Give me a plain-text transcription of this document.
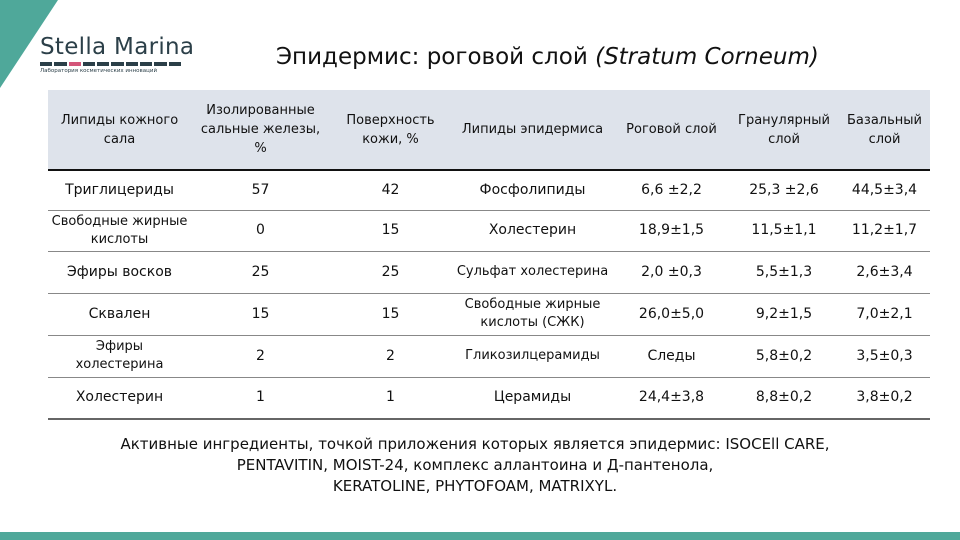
Stella Marina
Лаборатория косметических инноваций
Эпидермис: роговой слой (Stratum Corneum)
Липиды кожного сала	Изолированные сальные железы, %	Поверхность кожи, %	Липиды эпидермиса	Роговой слой	Гранулярный слой	Базальный слой
Триглицериды	57	42	Фосфолипиды	6,6 ±2,2	25,3 ±2,6	44,5±3,4
Свободные жирные кислоты	0	15	Холестерин	18,9±1,5	11,5±1,1	11,2±1,7
Эфиры восков	25	25	Сульфат холестерина	2,0 ±0,3	5,5±1,3	2,6±3,4
Сквален	15	15	Свободные жирные кислоты (СЖК)	26,0±5,0	9,2±1,5	7,0±2,1
Эфиры холестерина	2	2	Гликозилцерамиды	Следы	5,8±0,2	3,5±0,3
Холестерин	1	1	Церамиды	24,4±3,8	8,8±0,2	3,8±0,2
Активные ингредиенты, точкой приложения которых является эпидермис: ISOCEll CARE,
PENTAVITIN, MOIST-24, комплекс аллантоина и Д-пантенола,
KERATOLINE, PHYTOFOAM, MATRIXYL.
